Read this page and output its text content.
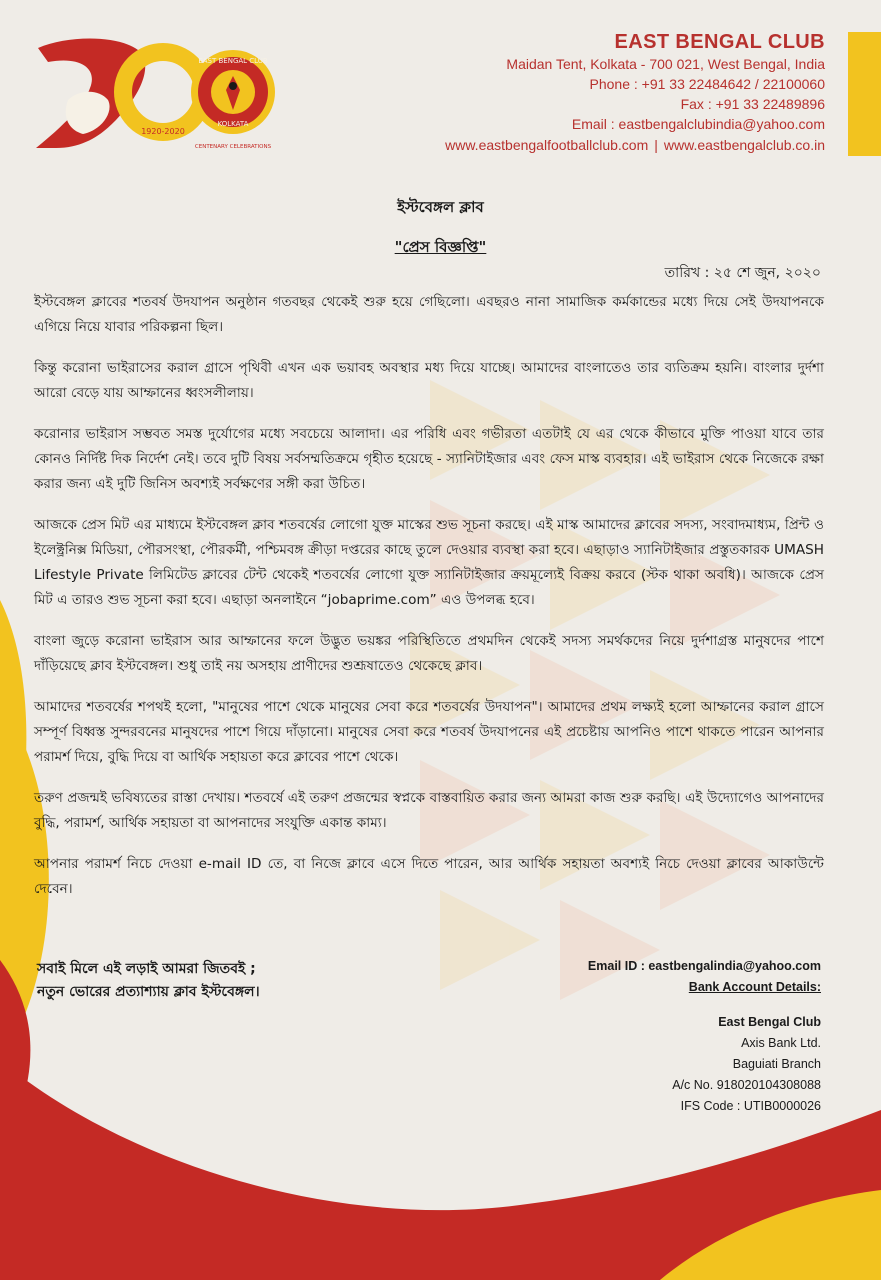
EAST BENGAL CLUB
KOLKATA
1920-2020
CENTENARY CELEBRATIONS
EAST BENGAL CLUB
Maidan Tent, Kolkata - 700 021, West Bengal, India
Phone : +91 33 22484642 / 22100060
Fax : +91 33 22489896
Email : eastbengalclubindia@yahoo.com
www.eastbengalfootballclub.com | www.eastbengalclub.co.in
ইস্টবেঙ্গল ক্লাব
"প্রেস বিজ্ঞপ্তি"
তারিখ : ২৫ শে জুন, ২০২০

ইস্টবেঙ্গল ক্লাবের শতবর্ষ উদযাপন অনুষ্ঠান গতবছর থেকেই শুরু হয়ে গেছিলো। এবছরও নানা সামাজিক কর্মকান্ডের মধ্যে দিয়ে সেই উদযাপনকে এগিয়ে নিয়ে যাবার পরিকল্পনা ছিল।

কিন্তু করোনা ভাইরাসের করাল গ্রাসে পৃথিবী এখন এক ভয়াবহ অবস্থার মধ্য দিয়ে যাচ্ছে। আমাদের বাংলাতেও তার ব্যতিক্রম হয়নি। বাংলার দুর্দশা আরো বেড়ে যায় আম্ফানের ধ্বংসলীলায়।

করোনার ভাইরাস সম্ভবত সমস্ত দুর্যোগের মধ্যে সবচেয়ে আলাদা। এর পরিধি এবং গভীরতা এতটাই যে এর থেকে কীভাবে মুক্তি পাওয়া যাবে তার কোনও নির্দিষ্ট দিক নির্দেশ নেই। তবে দুটি বিষয় সর্বসম্মতিক্রমে গৃহীত হয়েছে - স্যানিটাইজার এবং ফেস মাস্ক ব্যবহার। এই ভাইরাস থেকে নিজেকে রক্ষা করার জন্য এই দুটি জিনিস অবশ্যই সর্বক্ষণের সঙ্গী করা উচিত।

আজকে প্রেস মিট এর মাধ্যমে ইস্টবেঙ্গল ক্লাব শতবর্ষের লোগো যুক্ত মাস্কের শুভ সূচনা করছে। এই মাস্ক আমাদের ক্লাবের সদস্য, সংবাদমাধ্যম, প্রিন্ট ও ইলেক্ট্রনিক্স মিডিয়া, পৌরসংস্থা, পৌরকর্মী, পশ্চিমবঙ্গ ক্রীড়া দপ্তরের কাছে তুলে দেওয়ার ব্যবস্থা করা হবে। এছাড়াও স্যানিটাইজার প্রস্তুতকারক UMASH Lifestyle Private লিমিটেড ক্লাবের টেন্ট থেকেই শতবর্ষের লোগো যুক্ত স্যানিটাইজার ক্রয়মূল্যেই বিক্রয় করবে (স্টক থাকা অবধি)। আজকে প্রেস মিট এ তারও শুভ সূচনা করা হবে। এছাড়া অনলাইনে “jobaprime.com” এও উপলব্ধ হবে।

বাংলা জুড়ে করোনা ভাইরাস আর আম্ফানের ফলে উদ্ভুত ভয়ঙ্কর পরিস্থিতিতে প্রথমদিন থেকেই সদস্য সমর্থকদের নিয়ে দুর্দশাগ্রস্ত মানুষদের পাশে দাঁড়িয়েছে ক্লাব ইস্টবেঙ্গল। শুধু তাই নয় অসহায় প্রাণীদের শুশ্রূষাতেও থেকেছে ক্লাব।

আমাদের শতবর্ষের শপথই হলো, "মানুষের পাশে থেকে মানুষের সেবা করে শতবর্ষের উদযাপন"। আমাদের প্রথম লক্ষ্যই হলো আম্ফানের করাল গ্রাসে সম্পূর্ণ বিধ্বস্ত সুন্দরবনের মানুষদের পাশে গিয়ে দাঁড়ানো। মানুষের সেবা করে শতবর্ষ উদযাপনের এই প্রচেষ্টায় আপনিও পাশে থাকতে পারেন আপনার পরামর্শ দিয়ে, বুদ্ধি দিয়ে বা আর্থিক সহায়তা করে ক্লাবের পাশে থেকে।

তরুণ প্রজন্মই ভবিষ্যতের রাস্তা দেখায়। শতবর্ষে এই তরুণ প্রজন্মের স্বপ্নকে বাস্তবায়িত করার জন্য আমরা কাজ শুরু করছি। এই উদ্যোগেও আপনাদের বুদ্ধি, পরামর্শ, আর্থিক সহায়তা বা আপনাদের সংযুক্তি একান্ত কাম্য।

আপনার পরামর্শ নিচে দেওয়া e-mail ID তে, বা নিজে ক্লাবে এসে দিতে পারেন, আর আর্থিক সহায়তা অবশ্যই নিচে দেওয়া ক্লাবের আকাউন্টে দেবেন।

সবাই মিলে এই লড়াই আমরা জিতবই ;
নতুন ভোরের প্রত্যাশ্যায় ক্লাব ইস্টবেঙ্গল।
Email ID : eastbengalindia@yahoo.com
Bank Account Details:
East Bengal Club
Axis Bank Ltd.
Baguiati Branch
A/c No. 918020104308088
IFS Code : UTIB0000026
